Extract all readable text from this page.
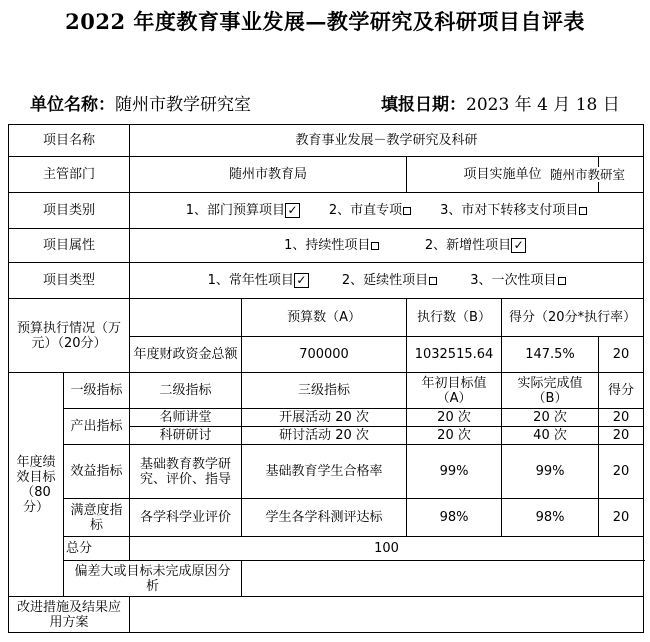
2022 年度教育事业发展—教学研究及科研项目自评表
单位名称：随州市教学研究室	填报日期：2023 年 4 月 18 日
项目名称		教育事业发展－教学研究及科研				
主管部门		随州市教育局		项目实施单位		随州市教研室
项目类别		1、部门预算项目 ✓ 2、市直专项 3、市对下转移支付项目				
项目属性		1、持续性项目 2、新增性项目 ✓				
项目类型		1、常年性项目 ✓ 2、延续性项目 3、一次性项目				
预算执行情况（万元）（20分）			预算数（A）	执行数（B）	得分（20分*执行率）	
		年度财政资金总额	700000	1032515.64	147.5%	20
年度绩效目标（80分）	一级指标	二级指标	三级指标	年初目标值（A）	实际完成值（B）	得分
	产出指标	名师讲堂	开展活动 20 次	20 次	20 次	20
		科研研讨	研讨活动 20 次	20 次	40 次	20
	效益指标	基础教育教学研究、评价、指导	基础教育学生合格率	99%	99%	20
	满意度指标	各学科学业评价	学生各学科测评达标	98%	98%	20
	总分	100				
	偏差大或目标未完成原因分析					
改进措施及结果应用方案						
